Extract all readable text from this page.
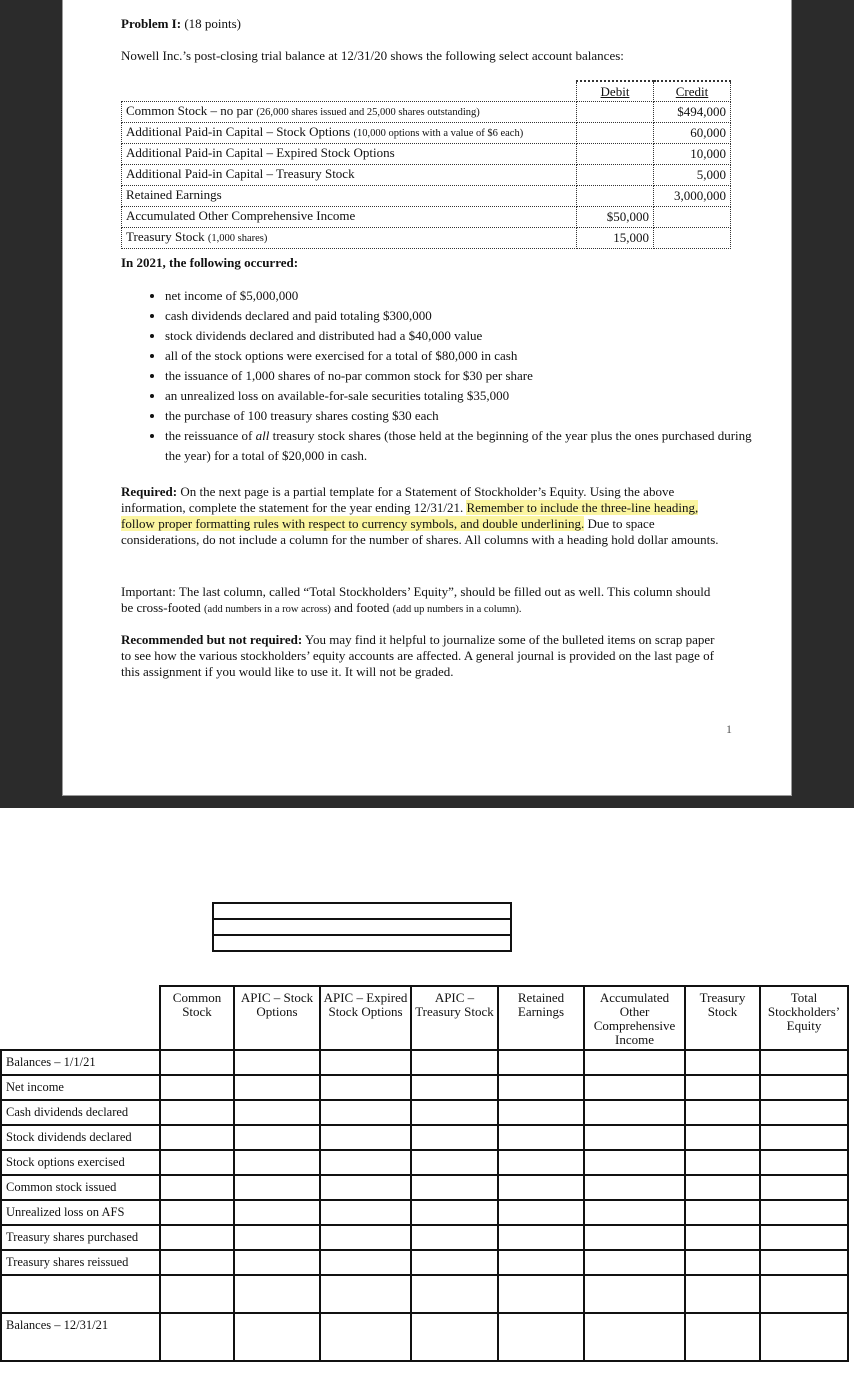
Problem I: (18 points)
Nowell Inc.’s post-closing trial balance at 12/31/20 shows the following select account balances:
	Debit	Credit
Common Stock – no par (26,000 shares issued and 25,000 shares outstanding)		$494,000
Additional Paid-in Capital – Stock Options (10,000 options with a value of $6 each)		60,000
Additional Paid-in Capital – Expired Stock Options		10,000
Additional Paid-in Capital – Treasury Stock		5,000
Retained Earnings		3,000,000
Accumulated Other Comprehensive Income	$50,000	
Treasury Stock (1,000 shares)	15,000	
In 2021, the following occurred:
• net income of $5,000,000
• cash dividends declared and paid totaling $300,000
• stock dividends declared and distributed had a $40,000 value
• all of the stock options were exercised for a total of $80,000 in cash
• the issuance of 1,000 shares of no-par common stock for $30 per share
• an unrealized loss on available-for-sale securities totaling $35,000
• the purchase of 100 treasury shares costing $30 each
• the reissuance of all treasury stock shares (those held at the beginning of the year plus the ones purchased during the year) for a total of $20,000 in cash.
Required: On the next page is a partial template for a Statement of Stockholder’s Equity. Using the above information, complete the statement for the year ending 12/31/21. Remember to include the three-line heading, follow proper formatting rules with respect to currency symbols, and double underlining. Due to space considerations, do not include a column for the number of shares. All columns with a heading hold dollar amounts.
Important: The last column, called “Total Stockholders’ Equity”, should be filled out as well. This column should be cross-footed (add numbers in a row across) and footed (add up numbers in a column).
Recommended but not required: You may find it helpful to journalize some of the bulleted items on scrap paper to see how the various stockholders’ equity accounts are affected. A general journal is provided on the last page of this assignment if you would like to use it. It will not be graded.
1
	Common Stock	APIC – Stock Options	APIC – Expired Stock Options	APIC – Treasury Stock	Retained Earnings	Accumulated Other Comprehensive Income	Treasury Stock	Total Stockholders’ Equity
Balances – 1/1/21								
Net income								
Cash dividends declared								
Stock dividends declared								
Stock options exercised								
Common stock issued								
Unrealized loss on AFS								
Treasury shares purchased								
Treasury shares reissued								

Balances – 12/31/21								
